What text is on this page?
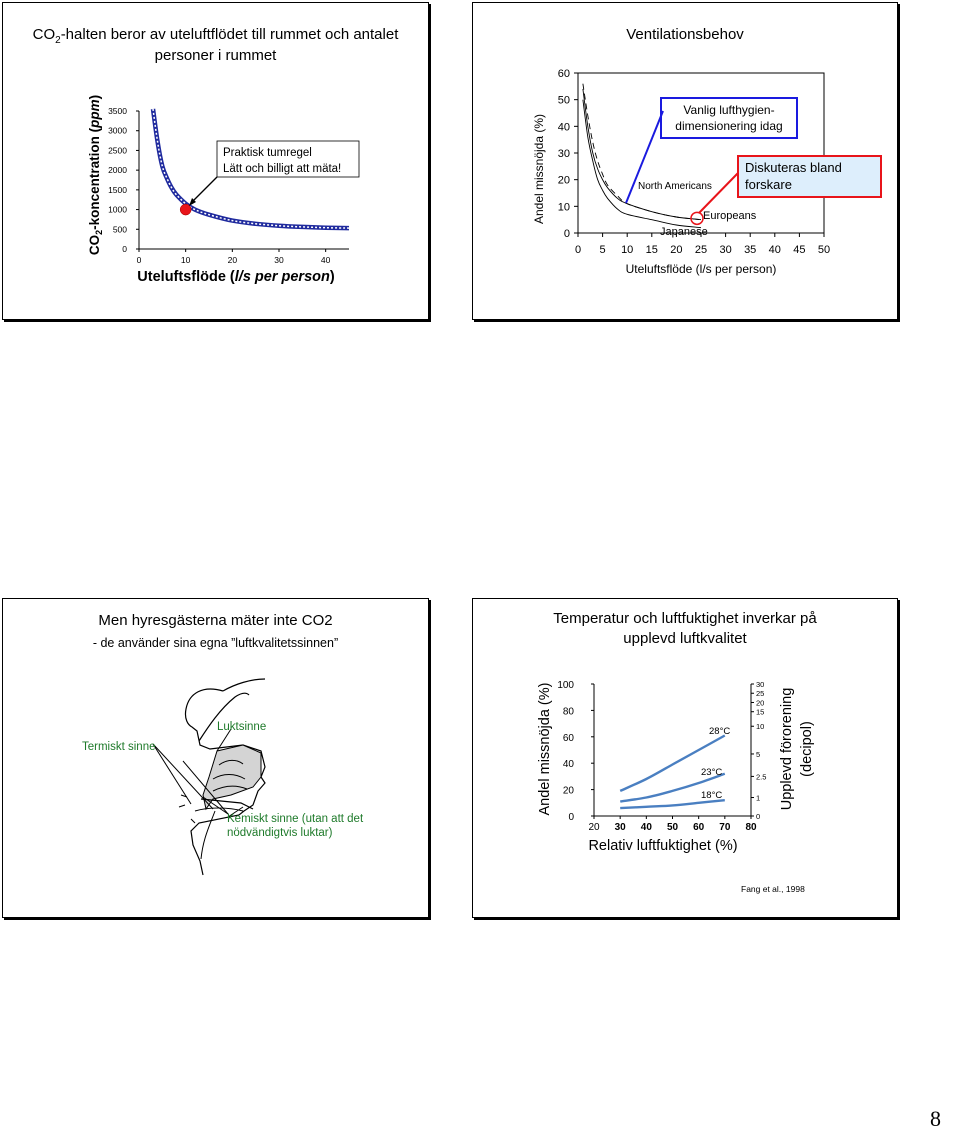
$CO_2$-halten beror av uteluftflödet till rummet och antalet
personer i rummet
0	10	20	30	40
0
500
1000
1500
2000
2500
3000
3500
Uteluftsflöde (l/s per person)
$CO_2$-koncentration (ppm)
Praktisk tumregel
Lätt och billigt att mäta!
Ventilationsbehov
0 5 10 15 20 25 30 35 40 45 50
0
10
20
30
40
50
60
Uteluftsflöde (l/s per person)
Andel missnöjda (%)	North Americans
Europeans
Japanese
Vanlig lufthygien-
dimensionering idag
Diskuteras bland
forskare
Men hyresgästerna mäter inte CO2
- de använder sina egna ”luftkvalitetssinnen”
Termiskt sinne
Luktsinne
Kemiskt sinne (utan att det
nödvändigtvis luktar)
Temperatur och luftfuktighet inverkar på
upplevd luftkvalitet
20 30 40 50 60 70 80
0
20
40
60
80
100
0
1
2.5
5
10
15
20
25
30
28°C
23°C
18°C
Relativ luftfuktighet (%)
Andel missnöjda (%)	Upplevd förorening (decipol)
Fang et al., 1998
8
